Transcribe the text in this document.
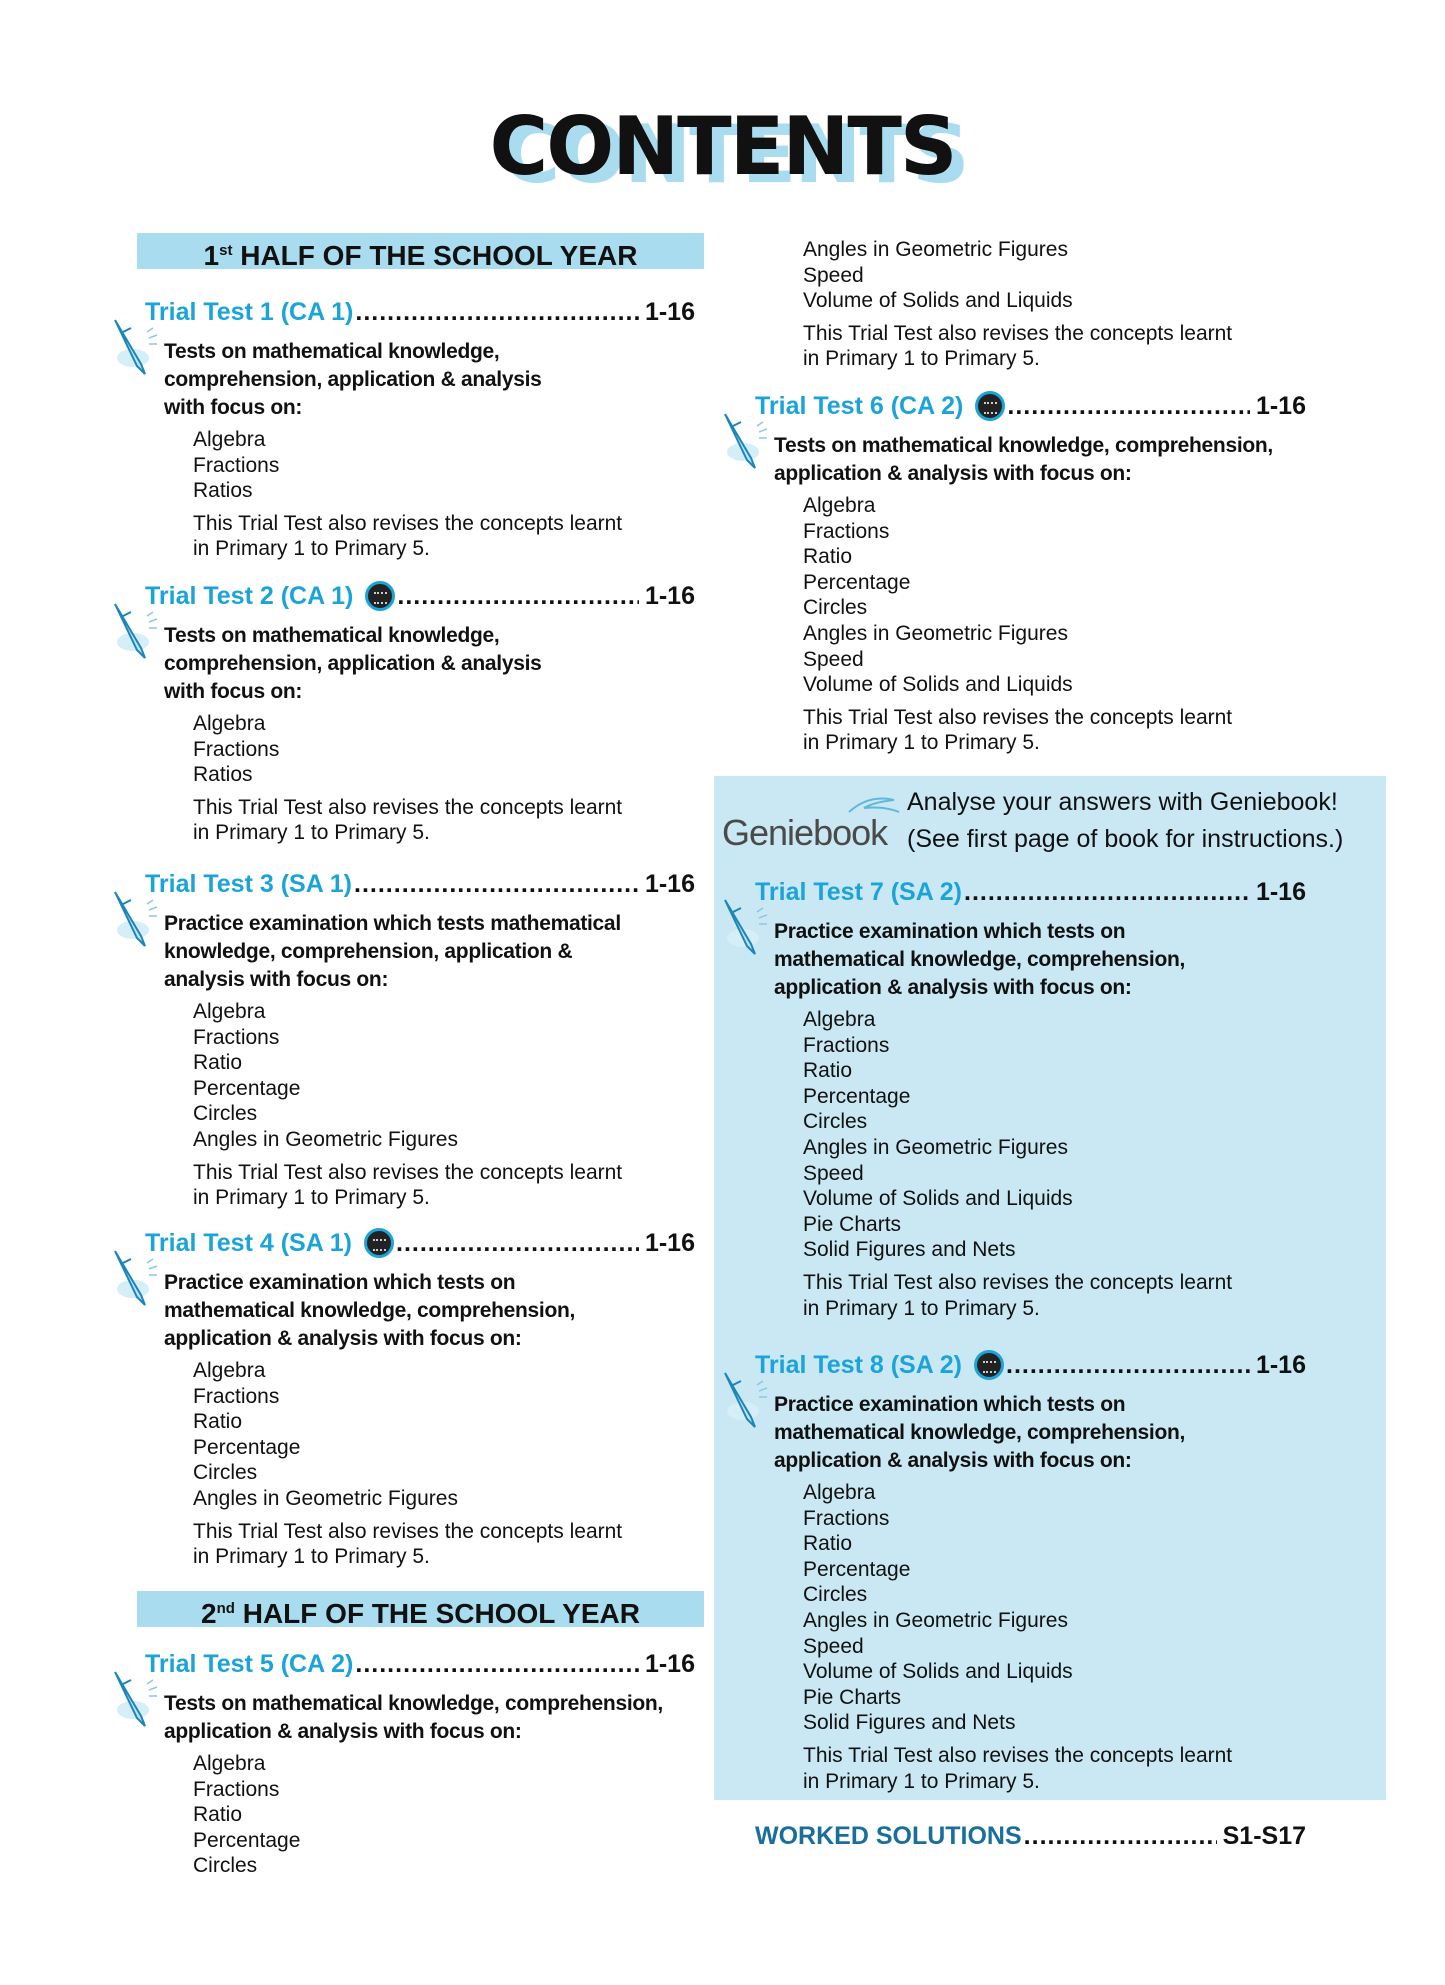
CONTENTS
1st HALF OF THE SCHOOL YEAR
2nd HALF OF THE SCHOOL YEAR
Geniebook
Analyse your answers with Geniebook!
(See first page of book for instructions.)
Trial Test 1 (CA 1) .....	1-16
Tests on mathematical knowledge,
comprehension, application & analysis
with focus on:
Algebra
Fractions
Ratios
This Trial Test also revises the concepts learnt
in Primary 1 to Primary 5.
Trial Test 2 (CA 1) .....	1-16
Tests on mathematical knowledge,
comprehension, application & analysis
with focus on:
Algebra
Fractions
Ratios
This Trial Test also revises the concepts learnt
in Primary 1 to Primary 5.
Trial Test 3 (SA 1) .....	1-16
Practice examination which tests mathematical
knowledge, comprehension, application &
analysis with focus on:
Algebra
Fractions
Ratio
Percentage
Circles
Angles in Geometric Figures
This Trial Test also revises the concepts learnt
in Primary 1 to Primary 5.
Trial Test 4 (SA 1) .....	1-16
Practice examination which tests on
mathematical knowledge, comprehension,
application & analysis with focus on:
Algebra
Fractions
Ratio
Percentage
Circles
Angles in Geometric Figures
This Trial Test also revises the concepts learnt
in Primary 1 to Primary 5.
Trial Test 5 (CA 2) .....	1-16
Tests on mathematical knowledge, comprehension,
application & analysis with focus on:
Algebra
Fractions
Ratio
Percentage
Circles
Angles in Geometric Figures
Speed
Volume of Solids and Liquids
This Trial Test also revises the concepts learnt
in Primary 1 to Primary 5.
Trial Test 6 (CA 2) .....	1-16
Tests on mathematical knowledge, comprehension,
application & analysis with focus on:
Algebra
Fractions
Ratio
Percentage
Circles
Angles in Geometric Figures
Speed
Volume of Solids and Liquids
This Trial Test also revises the concepts learnt
in Primary 1 to Primary 5.
Trial Test 7 (SA 2) .....	1-16
Practice examination which tests on
mathematical knowledge, comprehension,
application & analysis with focus on:
Algebra
Fractions
Ratio
Percentage
Circles
Angles in Geometric Figures
Speed
Volume of Solids and Liquids
Pie Charts
Solid Figures and Nets
This Trial Test also revises the concepts learnt
in Primary 1 to Primary 5.
Trial Test 8 (SA 2) .....	1-16
Practice examination which tests on
mathematical knowledge, comprehension,
application & analysis with focus on:
Algebra
Fractions
Ratio
Percentage
Circles
Angles in Geometric Figures
Speed
Volume of Solids and Liquids
Pie Charts
Solid Figures and Nets
This Trial Test also revises the concepts learnt
in Primary 1 to Primary 5.
WORKED SOLUTIONS .....	S1-S17
